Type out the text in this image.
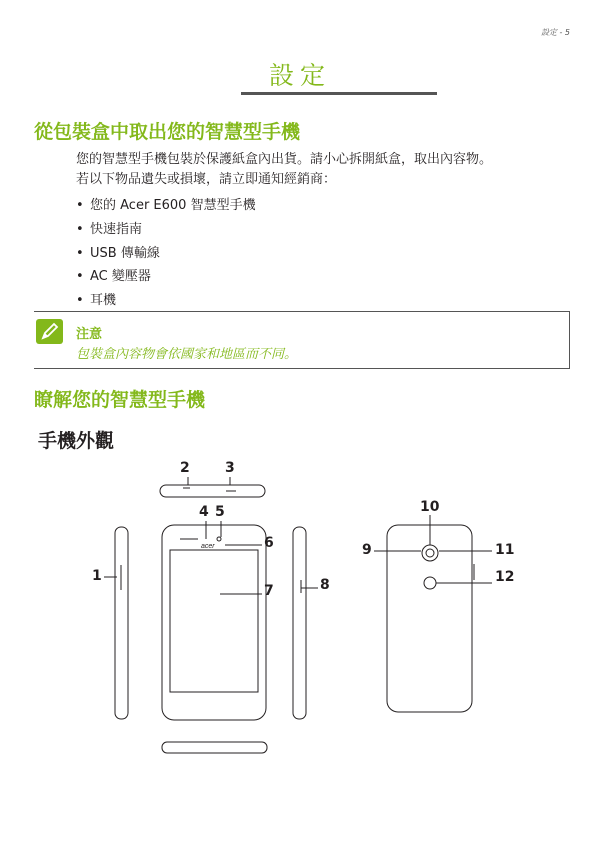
設定 - 5
設定
從包裝盒中取出您的智慧型手機
您的智慧型手機包裝於保護紙盒內出貨。請小心拆開紙盒，取出內容物。
若以下物品遺失或損壞，請立即通知經銷商：
• 您的 Acer E600 智慧型手機
• 快速指南
• USB 傳輸線
• AC 變壓器
• 耳機
注意
包裝盒內容物會依國家和地區而不同。
瞭解您的智慧型手機
手機外觀
acer
2	3
4 5
6
7
1
8
9
10
11
12
